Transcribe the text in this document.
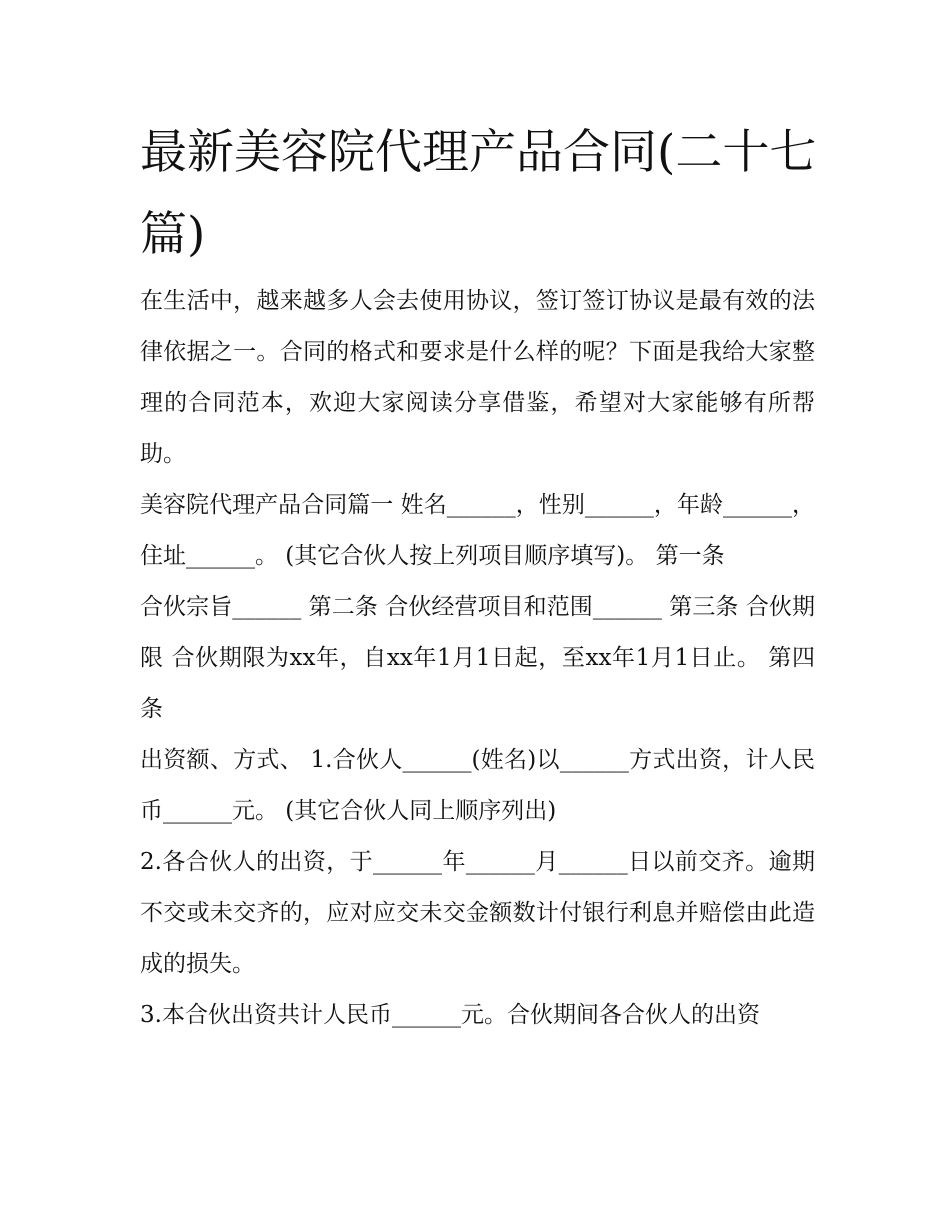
最新美容院代理产品合同(二十七篇)

在生活中，越来越多人会去使用协议，签订签订协议是最有效的法律依据之一。合同的格式和要求是什么样的呢？下面是我给大家整理的合同范本，欢迎大家阅读分享借鉴，希望对大家能够有所帮助。

美容院代理产品合同篇一 姓名______，性别______，年龄______，住址______。 (其它合伙人按上列项目顺序填写)。 第一条

合伙宗旨______ 第二条 合伙经营项目和范围______ 第三条 合伙期限 合伙期限为xx年，自xx年1月1日起，至xx年1月1日止。 第四条

出资额、方式、 1.合伙人______(姓名)以______方式出资，计人民币______元。 (其它合伙人同上顺序列出)

2.各合伙人的出资，于______年______月______日以前交齐。逾期不交或未交齐的，应对应交未交金额数计付银行利息并赔偿由此造成的损失。

3.本合伙出资共计人民币______元。合伙期间各合伙人的出资
